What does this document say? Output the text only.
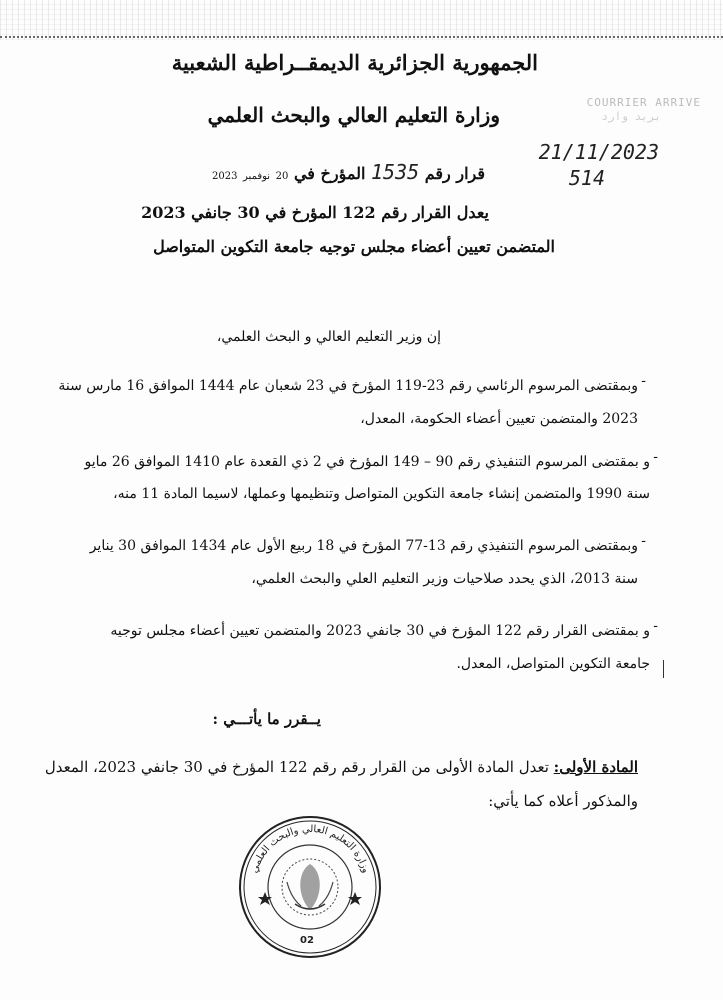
الجمهورية الجزائرية الديمقــراطية الشعبية
وزارة التعليم العالي والبحث العلمي
COURRIER ARRIVE
بريد وارد
21/11/2023
514
قرار رقم 1535 المؤرخ في 20 نوفمبر 2023
يعدل القرار رقم 122 المؤرخ في 30 جانفي 2023
المتضمن تعيين أعضاء مجلس توجيه جامعة التكوين المتواصل
إن وزير التعليم العالي و البحث العلمي،
-
وبمقتضى المرسوم الرئاسي رقم 23-119 المؤرخ في 23 شعبان عام 1444 الموافق 16 مارس سنة
2023 والمتضمن تعيين أعضاء الحكومة، المعدل،
-
و بمقتضى المرسوم التنفيذي رقم 90 – 149 المؤرخ في 2 ذي القعدة عام 1410 الموافق 26 مايو
سنة 1990 والمتضمن إنشاء جامعة التكوين المتواصل وتنظيمها وعملها، لاسيما المادة 11 منه،
-
وبمقتضى المرسوم التنفيذي رقم 13-77 المؤرخ في 18 ربيع الأول عام 1434 الموافق 30 يناير
سنة 2013، الذي يحدد صلاحيات وزير التعليم العلي والبحث العلمي،
-
و بمقتضى القرار رقم 122 المؤرخ في 30 جانفي 2023 والمتضمن تعيين أعضاء مجلس توجيه
جامعة التكوين المتواصل، المعدل.
يــقرر ما يأتـــي :
المادة الأولى: تعدل المادة الأولى من القرار رقم رقم 122 المؤرخ في 30 جانفي 2023، المعدل
والمذكور أعلاه كما يأتي:
وزارة التعليم العالي والبحث العلمي
02
